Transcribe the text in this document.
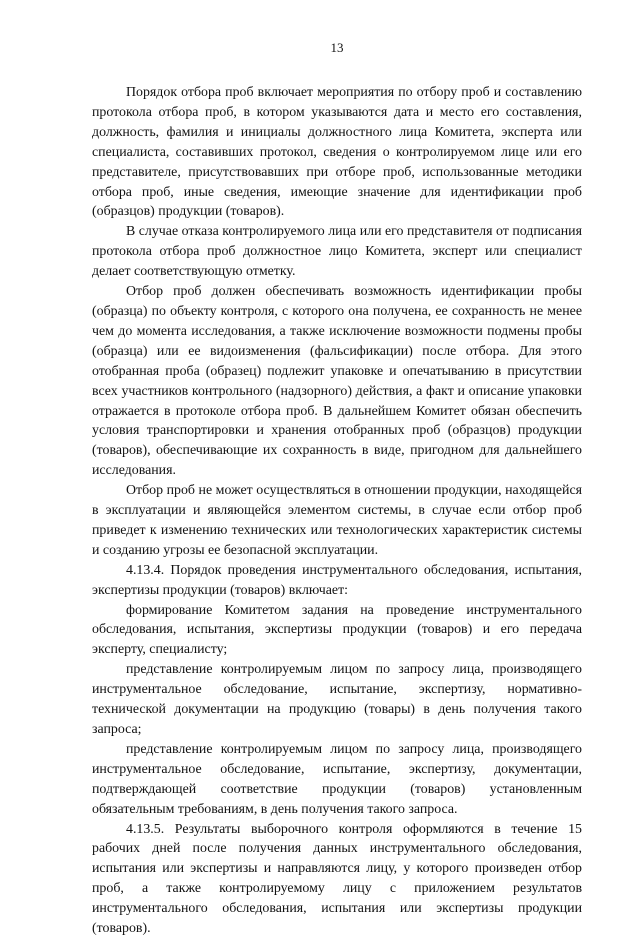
13

Порядок отбора проб включает мероприятия по отбору проб и составлению протокола отбора проб, в котором указываются дата и место его составления, должность, фамилия и инициалы должностного лица Комитета, эксперта или специалиста, составивших протокол, сведения о контролируемом лице или его представителе, присутствовавших при отборе проб, использованные методики отбора проб, иные сведения, имеющие значение для идентификации проб (образцов) продукции (товаров).

В случае отказа контролируемого лица или его представителя от подписания протокола отбора проб должностное лицо Комитета, эксперт или специалист делает соответствующую отметку.

Отбор проб должен обеспечивать возможность идентификации пробы (образца) по объекту контроля, с которого она получена, ее сохранность не менее чем до момента исследования, а также исключение возможности подмены пробы (образца) или ее видоизменения (фальсификации) после отбора. Для этого отобранная проба (образец) подлежит упаковке и опечатыванию в присутствии всех участников контрольного (надзорного) действия, а факт и описание упаковки отражается в протоколе отбора проб. В дальнейшем Комитет обязан обеспечить условия транспортировки и хранения отобранных проб (образцов) продукции (товаров), обеспечивающие их сохранность в виде, пригодном для дальнейшего исследования.

Отбор проб не может осуществляться в отношении продукции, находящейся в эксплуатации и являющейся элементом системы, в случае если отбор проб приведет к изменению технических или технологических характеристик системы и созданию угрозы ее безопасной эксплуатации.

4.13.4. Порядок проведения инструментального обследования, испытания, экспертизы продукции (товаров) включает:

формирование Комитетом задания на проведение инструментального обследования, испытания, экспертизы продукции (товаров) и его передача эксперту, специалисту;

представление контролируемым лицом по запросу лица, производящего инструментальное обследование, испытание, экспертизу, нормативно-технической документации на продукцию (товары) в день получения такого запроса;

представление контролируемым лицом по запросу лица, производящего инструментальное обследование, испытание, экспертизу, документации, подтверждающей соответствие продукции (товаров) установленным обязательным требованиям, в день получения такого запроса.

4.13.5. Результаты выборочного контроля оформляются в течение 15 рабочих дней после получения данных инструментального обследования, испытания или экспертизы и направляются лицу, у которого произведен отбор проб, а также контролируемому лицу с приложением результатов инструментального обследования, испытания или экспертизы продукции (товаров).
